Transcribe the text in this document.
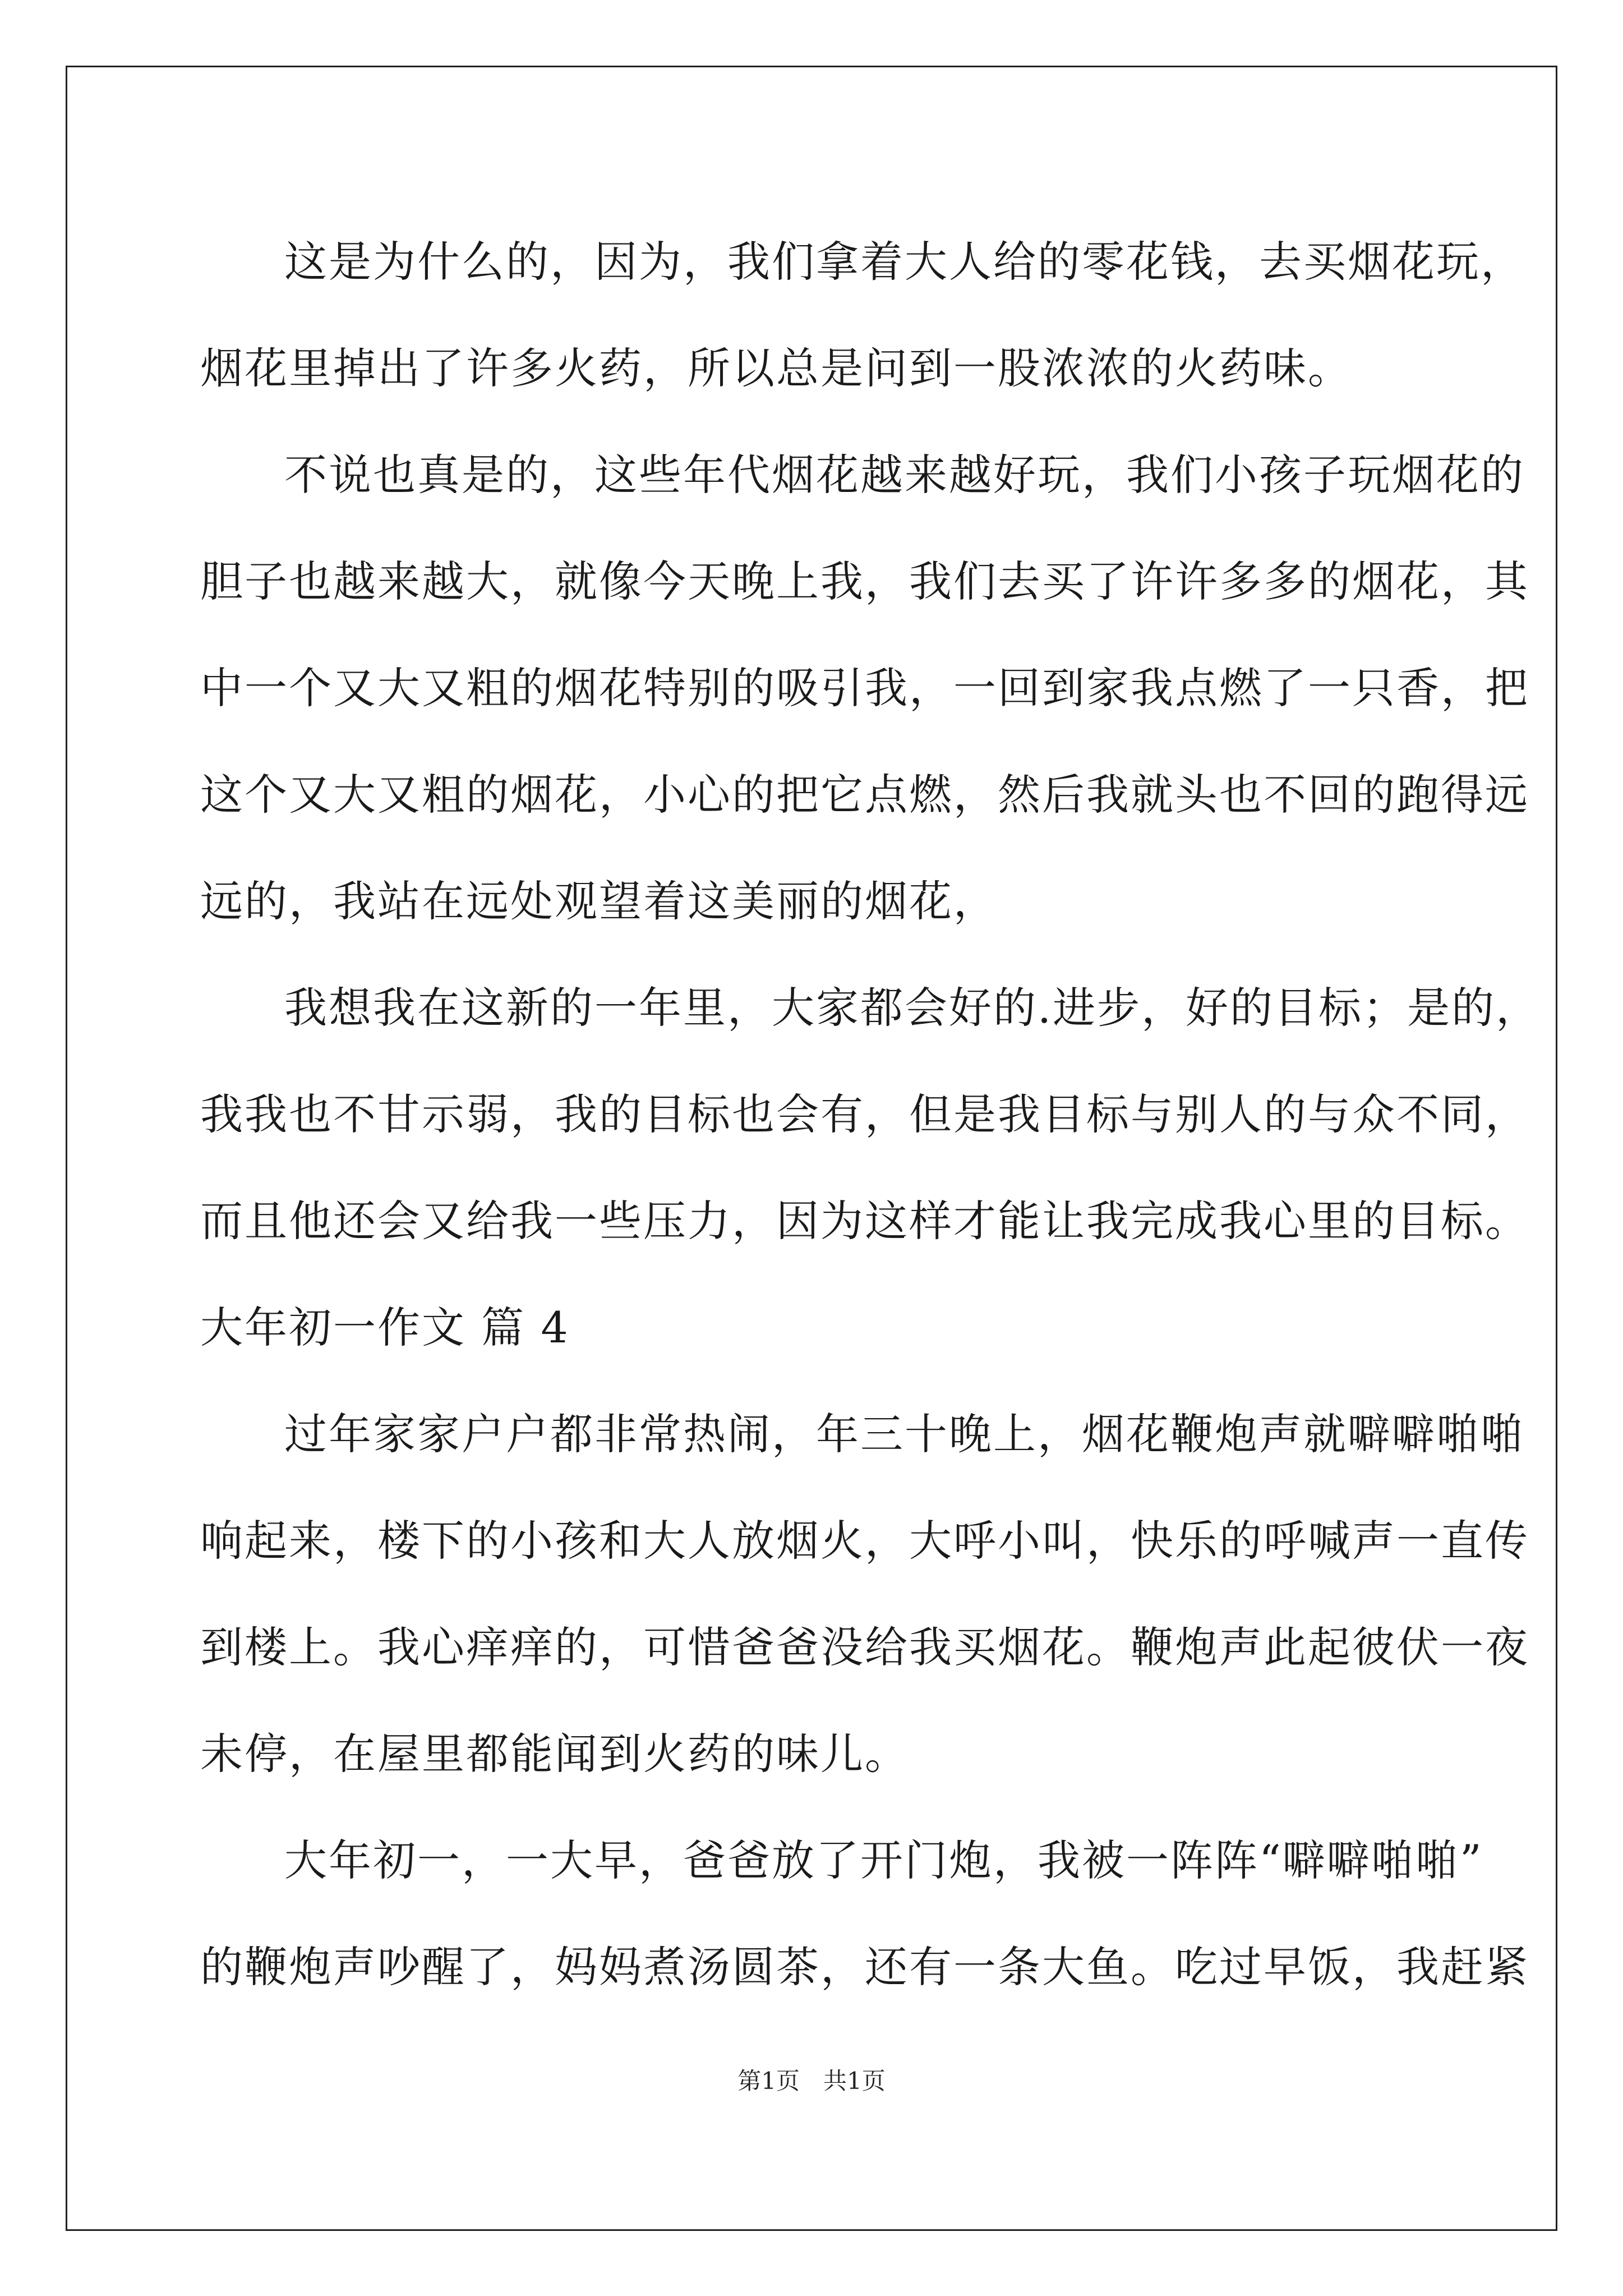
这是为什么的，因为，我们拿着大人给的零花钱，去买烟花玩，
烟花里掉出了许多火药，所以总是问到一股浓浓的火药味。
不说也真是的，这些年代烟花越来越好玩，我们小孩子玩烟花的
胆子也越来越大，就像今天晚上我，我们去买了许许多多的烟花，其
中一个又大又粗的烟花特别的吸引我，一回到家我点燃了一只香，把
这个又大又粗的烟花，小心的把它点燃，然后我就头也不回的跑得远
远的，我站在远处观望着这美丽的烟花，
我想我在这新的一年里，大家都会好的.进步，好的目标；是的，
我我也不甘示弱，我的目标也会有，但是我目标与别人的与众不同，
而且他还会又给我一些压力，因为这样才能让我完成我心里的目标。
大年初一作文 篇 4
过年家家户户都非常热闹，年三十晚上，烟花鞭炮声就噼噼啪啪
响起来，楼下的小孩和大人放烟火，大呼小叫，快乐的呼喊声一直传
到楼上。我心痒痒的，可惜爸爸没给我买烟花。鞭炮声此起彼伏一夜
未停，在屋里都能闻到火药的味儿。
大年初一，一大早，爸爸放了开门炮，我被一阵阵“噼噼啪啪”
的鞭炮声吵醒了，妈妈煮汤圆茶，还有一条大鱼。吃过早饭，我赶紧
第1页　共1页
